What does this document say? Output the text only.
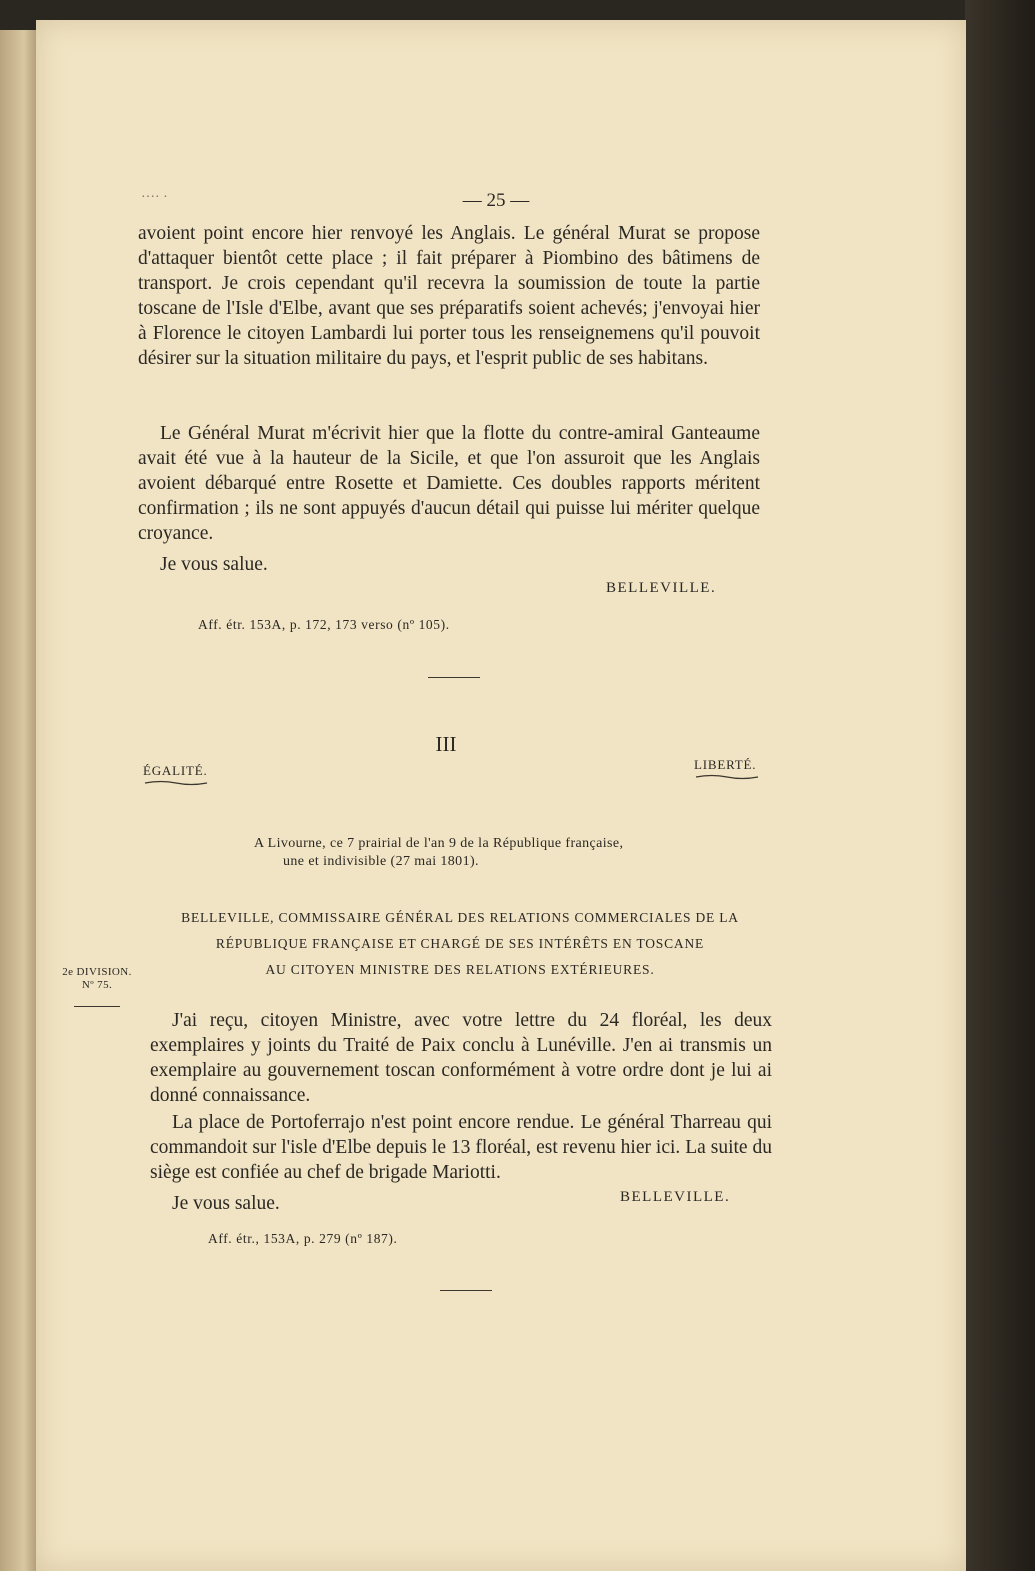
···· ·	— 25 —

avoient point encore hier renvoyé les Anglais. Le général Murat se propose d'attaquer bientôt cette place ; il fait préparer à Piombino des bâtimens de transport. Je crois cependant qu'il recevra la soumission de toute la partie toscane de l'Isle d'Elbe, avant que ses préparatifs soient achevés; j'envoyai hier à Florence le citoyen Lambardi lui porter tous les renseignemens qu'il pouvoit désirer sur la situation militaire du pays, et l'esprit public de ses habitans.

Le Général Murat m'écrivit hier que la flotte du contre-amiral Ganteaume avait été vue à la hauteur de la Sicile, et que l'on assuroit que les Anglais avoient débarqué entre Rosette et Damiette. Ces doubles rapports méritent confirmation ; ils ne sont appuyés d'aucun détail qui puisse lui mériter quelque croyance.

Je vous salue.
BELLEVILLE.
Aff. étr. 153A, p. 172, 173 verso (nº 105).
III
ÉGALITÉ.	LIBERTÉ.
A Livourne, ce 7 prairial de l'an 9 de la République française,
une et indivisible (27 mai 1801).
BELLEVILLE, COMMISSAIRE GÉNÉRAL DES RELATIONS COMMERCIALES DE LA
RÉPUBLIQUE FRANÇAISE ET CHARGÉ DE SES INTÉRÊTS EN TOSCANE
AU CITOYEN MINISTRE DES RELATIONS EXTÉRIEURES.
2e DIVISION.
Nº 75.

J'ai reçu, citoyen Ministre, avec votre lettre du 24 floréal, les deux exemplaires y joints du Traité de Paix conclu à Lunéville. J'en ai transmis un exemplaire au gouvernement toscan conformément à votre ordre dont je lui ai donné connaissance.

La place de Portoferrajo n'est point encore rendue. Le général Tharreau qui commandoit sur l'isle d'Elbe depuis le 13 floréal, est revenu hier ici. La suite du siège est confiée au chef de brigade Mariotti.

Je vous salue.	BELLEVILLE.
Aff. étr., 153A, p. 279 (nº 187).
